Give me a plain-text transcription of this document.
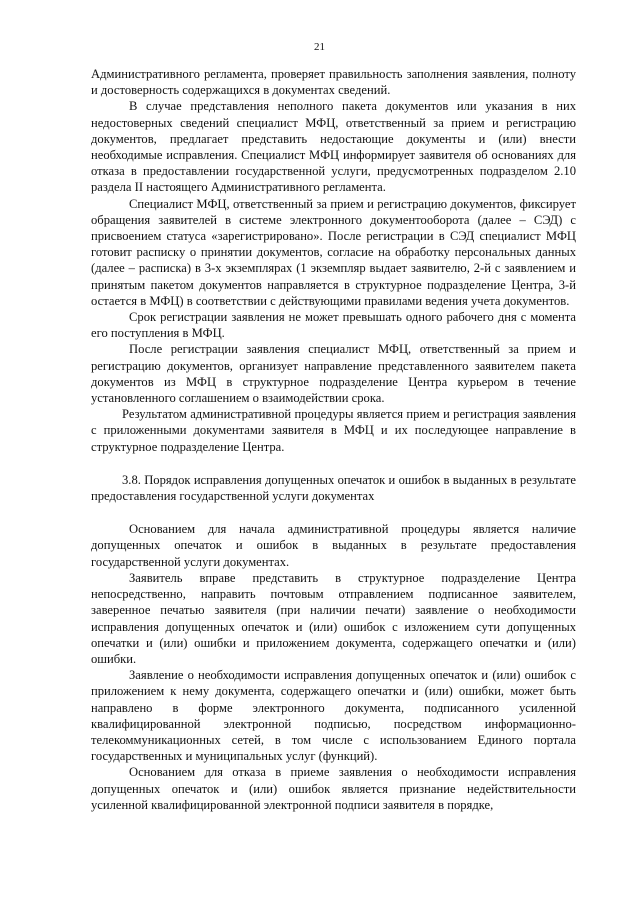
21

Административного регламента, проверяет правильность заполнения заявления, полноту и достоверность содержащихся в документах сведений.

В случае представления неполного пакета документов или указания в них недостоверных сведений специалист МФЦ, ответственный за прием и регистрацию документов, предлагает представить недостающие документы и (или) внести необходимые исправления. Специалист МФЦ информирует заявителя об основаниях для отказа в предоставлении государственной услуги, предусмотренных подразделом 2.10 раздела II настоящего Административного регламента.

Специалист МФЦ, ответственный за прием и регистрацию документов, фиксирует обращения заявителей в системе электронного документооборота (далее – СЭД) с присвоением статуса «зарегистрировано». После регистрации в СЭД специалист МФЦ готовит расписку о принятии документов, согласие на обработку персональных данных (далее – расписка) в 3-х экземплярах (1 экземпляр выдает заявителю, 2-й с заявлением и принятым пакетом документов направляется в структурное подразделение Центра, 3-й остается в МФЦ) в соответствии с действующими правилами ведения учета документов.

Срок регистрации заявления не может превышать одного рабочего дня с момента его поступления в МФЦ.

После регистрации заявления специалист МФЦ, ответственный за прием и регистрацию документов, организует направление представленного заявителем пакета документов из МФЦ в структурное подразделение Центра курьером в течение установленного соглашением о взаимодействии срока.

Результатом административной процедуры является прием и регистрация заявления с приложенными документами заявителя в МФЦ и их последующее направление в структурное подразделение Центра.

3.8. Порядок исправления допущенных опечаток и ошибок в выданных в результате предоставления государственной услуги документах

Основанием для начала административной процедуры является наличие допущенных опечаток и ошибок в выданных в результате предоставления государственной услуги документах.

Заявитель вправе представить в структурное подразделение Центра непосредственно, направить почтовым отправлением подписанное заявителем, заверенное печатью заявителя (при наличии печати) заявление о необходимости исправления допущенных опечаток и (или) ошибок с изложением сути допущенных опечатки и (или) ошибки и приложением документа, содержащего опечатки и (или) ошибки.

Заявление о необходимости исправления допущенных опечаток и (или) ошибок с приложением к нему документа, содержащего опечатки и (или) ошибки, может быть направлено в форме электронного документа, подписанного усиленной квалифицированной электронной подписью, посредством информационно-телекоммуникационных сетей, в том числе с использованием Единого портала государственных и муниципальных услуг (функций).

Основанием для отказа в приеме заявления о необходимости исправления допущенных опечаток и (или) ошибок является признание недействительности усиленной квалифицированной электронной подписи заявителя в порядке,
